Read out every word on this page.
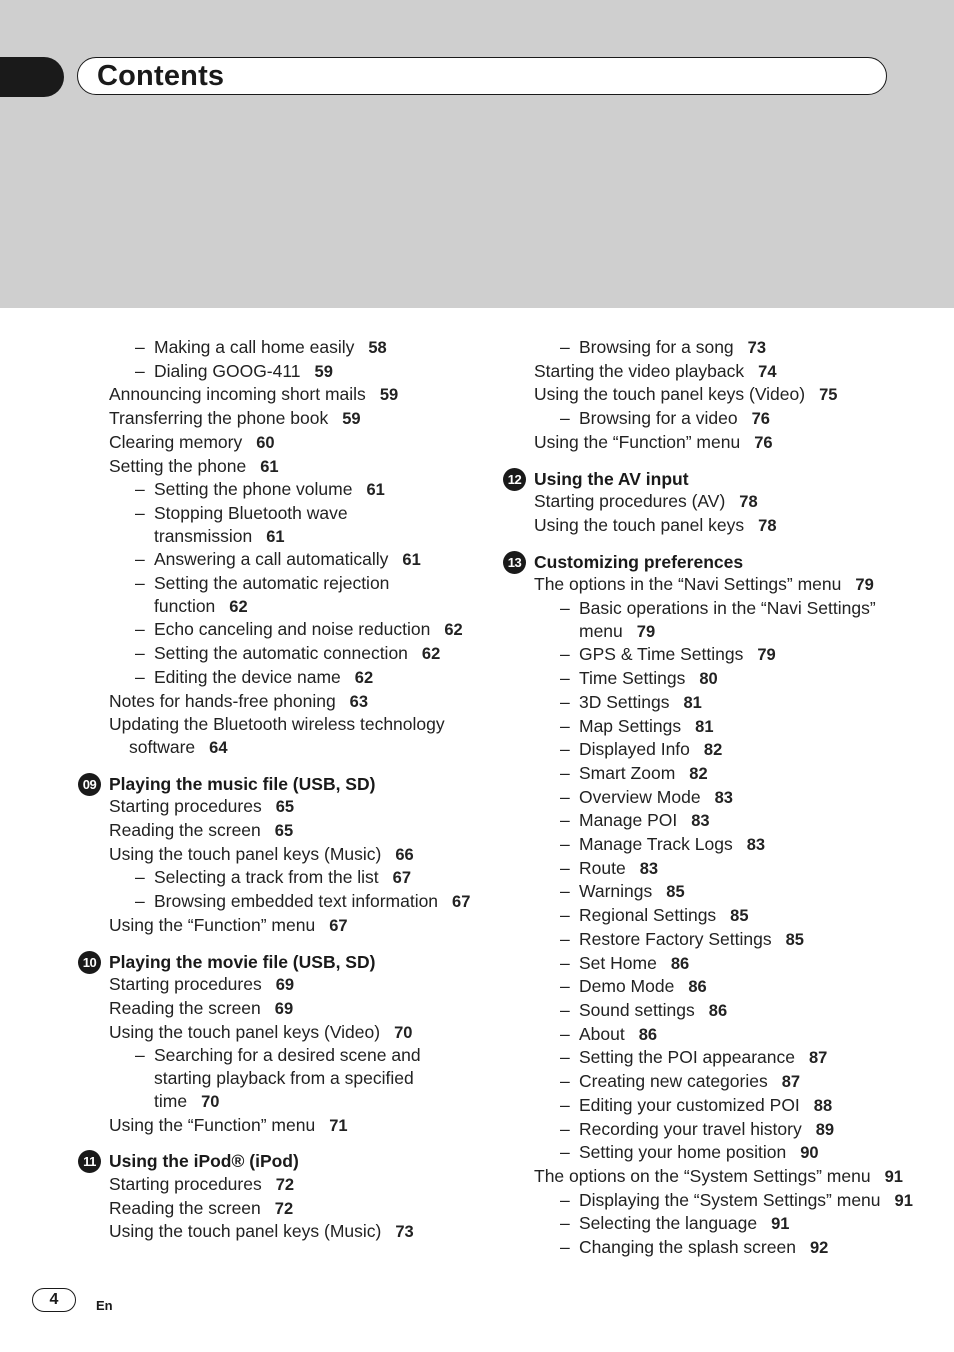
Contents
– Making a call home easily 58
– Dialing GOOG-411 59
Announcing incoming short mails 59
Transferring the phone book 59
Clearing memory 60
Setting the phone 61
– Setting the phone volume 61
– Stopping Bluetooth wave transmission 61
– Answering a call automatically 61
– Setting the automatic rejection function 62
– Echo canceling and noise reduction 62
– Setting the automatic connection 62
– Editing the device name 62
Notes for hands-free phoning 63
Updating the Bluetooth wireless technology software 64
09 Playing the music file (USB, SD)
Starting procedures 65
Reading the screen 65
Using the touch panel keys (Music) 66
– Selecting a track from the list 67
– Browsing embedded text information 67
Using the “Function” menu 67
10 Playing the movie file (USB, SD)
Starting procedures 69
Reading the screen 69
Using the touch panel keys (Video) 70
– Searching for a desired scene and starting playback from a specified time 70
Using the “Function” menu 71
11 Using the iPod® (iPod)
Starting procedures 72
Reading the screen 72
Using the touch panel keys (Music) 73
– Browsing for a song 73
Starting the video playback 74
Using the touch panel keys (Video) 75
– Browsing for a video 76
Using the “Function” menu 76
12 Using the AV input
Starting procedures (AV) 78
Using the touch panel keys 78
13 Customizing preferences
The options in the “Navi Settings” menu 79
– Basic operations in the “Navi Settings” menu 79
– GPS & Time Settings 79
– Time Settings 80
– 3D Settings 81
– Map Settings 81
– Displayed Info 82
– Smart Zoom 82
– Overview Mode 83
– Manage POI 83
– Manage Track Logs 83
– Route 83
– Warnings 85
– Regional Settings 85
– Restore Factory Settings 85
– Set Home 86
– Demo Mode 86
– Sound settings 86
– About 86
– Setting the POI appearance 87
– Creating new categories 87
– Editing your customized POI 88
– Recording your travel history 89
– Setting your home position 90
The options on the “System Settings” menu 91
– Displaying the “System Settings” menu 91
– Selecting the language 91
– Changing the splash screen 92
4	En
